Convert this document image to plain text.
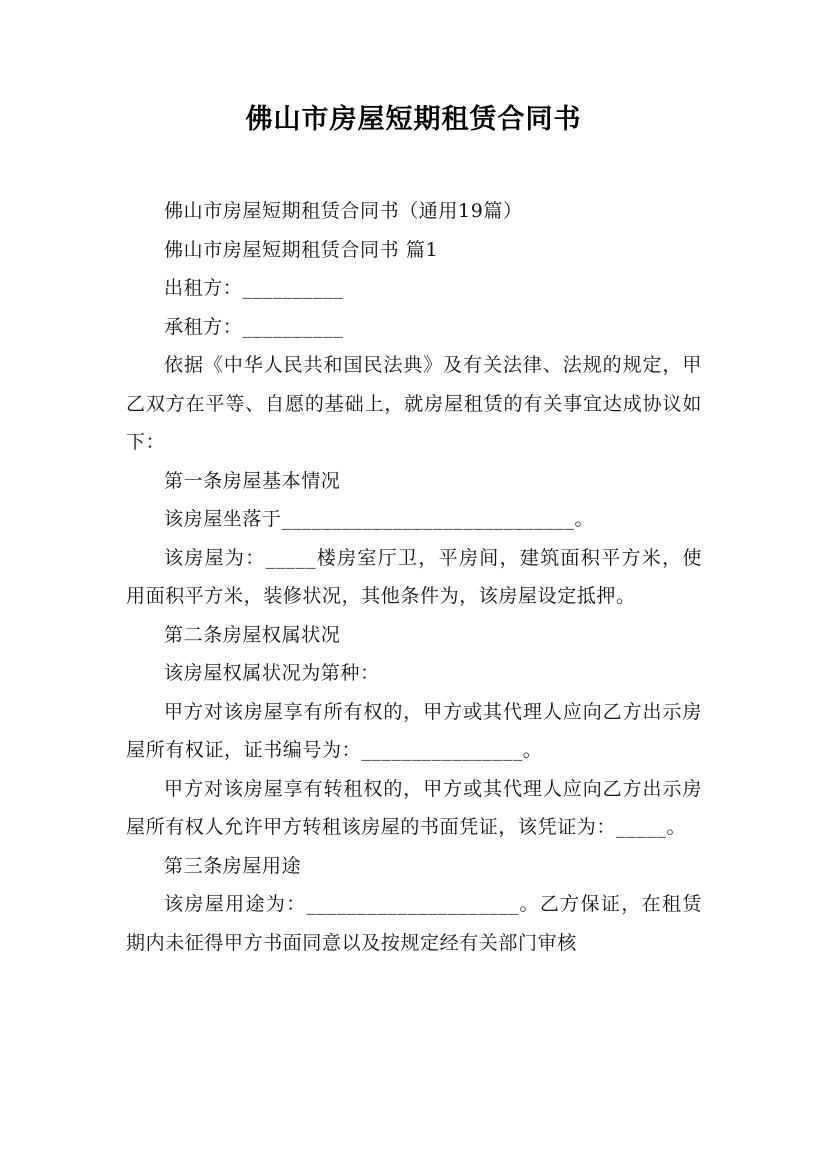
佛山市房屋短期租赁合同书

佛山市房屋短期租赁合同书（通用19篇）

佛山市房屋短期租赁合同书 篇1

出租方：__________

承租方：__________

依据《中华人民共和国民法典》及有关法律、法规的规定，甲乙双方在平等、自愿的基础上，就房屋租赁的有关事宜达成协议如下：

第一条房屋基本情况

该房屋坐落于_____________________________。

该房屋为：_____楼房室厅卫，平房间，建筑面积平方米，使用面积平方米，装修状况，其他条件为，该房屋设定抵押。

第二条房屋权属状况

该房屋权属状况为第种：

甲方对该房屋享有所有权的，甲方或其代理人应向乙方出示房屋所有权证，证书编号为：________________。

甲方对该房屋享有转租权的，甲方或其代理人应向乙方出示房屋所有权人允许甲方转租该房屋的书面凭证，该凭证为：_____。

第三条房屋用途

该房屋用途为：_____________________。乙方保证，在租赁期内未征得甲方书面同意以及按规定经有关部门审核
